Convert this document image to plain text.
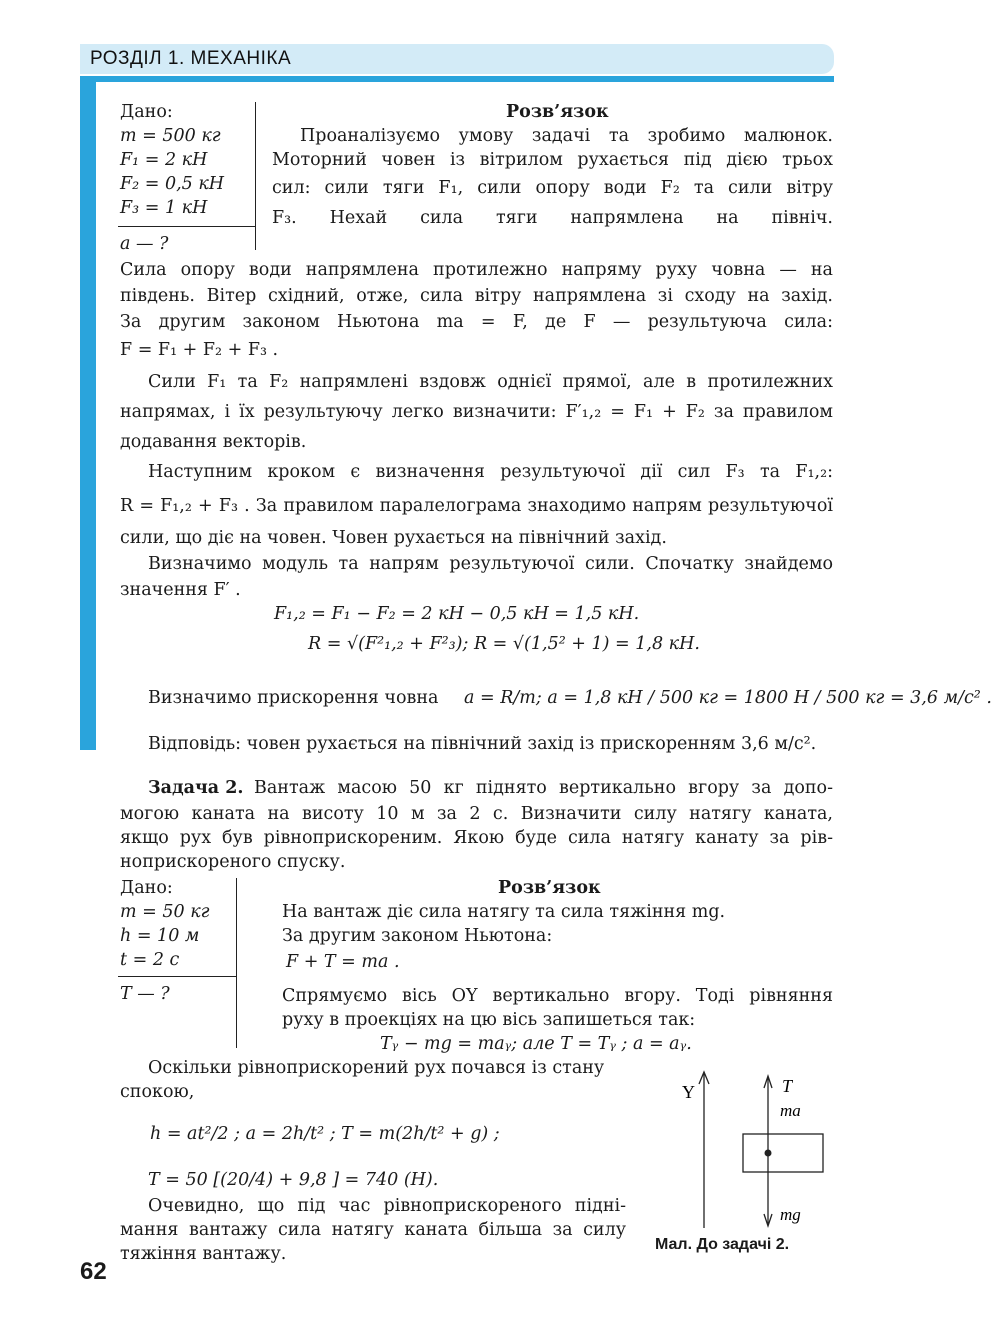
РОЗДІЛ 1. МЕХАНІКА
Дано:
m = 500 кг
F₁ = 2 кН
F₂ = 0,5 кН
F₃ = 1 кН
a — ?
Розв’язок
Проаналізуємо умову задачі та зробимо малюнок.
Моторний човен із вітрилом рухається під дією трьох
сил: сили тяги F₁, сили опору води F₂ та сили вітру
F₃. Нехай сила тяги напрямлена на північ.
Сила опору води напрямлена протилежно напряму руху човна — на
південь. Вітер східний, отже, сила вітру напрямлена зі сходу на захід.
За другим законом Ньютона ma = F, де F — результуюча сила:
F = F₁ + F₂ + F₃ .
Сили F₁ та F₂ напрямлені вздовж однієї прямої, але в протилежних
напрямах, і їх результуючу легко визначити: F′₁,₂ = F₁ + F₂ за правилом
додавання векторів.
Наступним кроком є визначення результуючої дії сил F₃ та F₁,₂:
R = F₁,₂ + F₃ . За правилом паралелограма знаходимо напрям результуючої
сили, що діє на човен. Човен рухається на північний захід.
Визначимо модуль та напрям результуючої сили. Спочатку знайдемо
значення F′ .
F₁,₂ = F₁ − F₂ = 2 кН − 0,5 кН = 1,5 кН.
R = √(F²₁,₂ + F²₃); R = √(1,5² + 1) = 1,8 кН.
Визначимо прискорення човна a = R/m; a = 1,8 кН / 500 кг = 1800 Н / 500 кг = 3,6 м/с² .
Відповідь: човен рухається на північний захід із прискоренням 3,6 м/с².
Задача 2. Вантаж масою 50 кг піднято вертикально вгору за допо-
могою каната на висоту 10 м за 2 с. Визначити силу натягу каната,
якщо рух був рівноприскореним. Якою буде сила натягу канату за рів-
ноприскореного спуску.
Дано:
m = 50 кг
h = 10 м
t = 2 с
T — ?
Розв’язок
На вантаж діє сила натягу та сила тяжіння mg.
За другим законом Ньютона:
F + T = ma .
Спрямуємо вісь OY вертикально вгору. Тоді рівняння
руху в проекціях на цю вісь запишеться так:
Tᵧ − mg = maᵧ; але T = Tᵧ ; a = aᵧ.
Оскільки рівноприскорений рух почався із стану
спокою,
h = at²/2 ; a = 2h/t² ; T = m(2h/t² + g) ;
T = 50 [(20/4) + 9,8 ] = 740 (Н).
Очевидно, що під час рівноприскореного підні-
мання вантажу сила натягу каната більша за силу
тяжіння вантажу.
Y	T
ma
mg
Мал. До задачі 2.
62
